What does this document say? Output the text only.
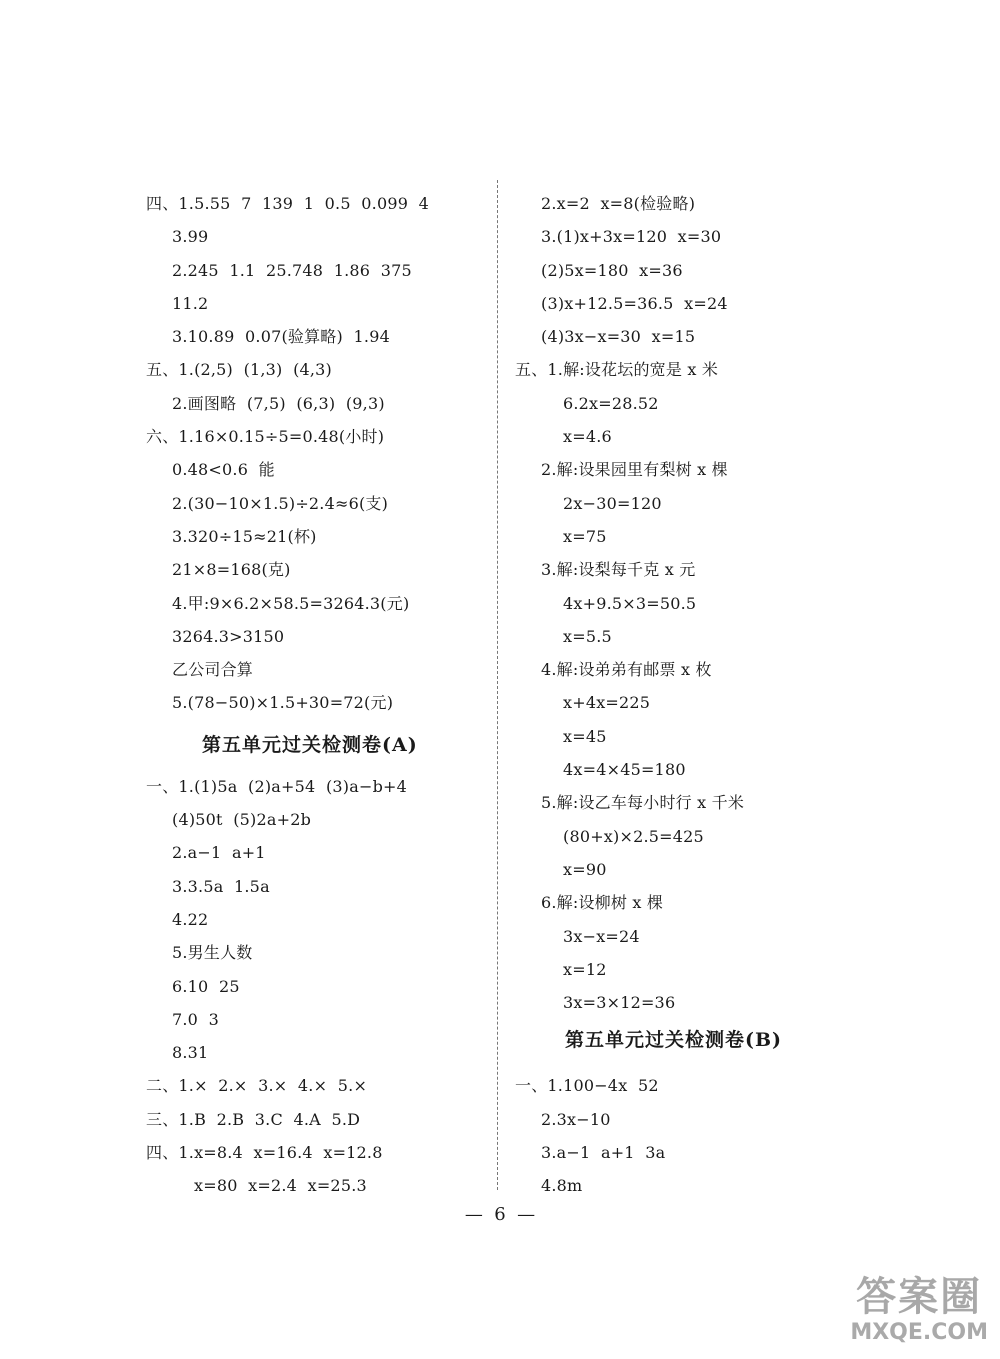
四、1.5.55  7  139  1  0.5  0.099  4
3.99
2.245  1.1  25.748  1.86  375
11.2
3.10.89  0.07(验算略)  1.94
五、1.(2,5)  (1,3)  (4,3)
2.画图略  (7,5)  (6,3)  (9,3)
六、1.16×0.15÷5=0.48(小时)
0.48<0.6  能
2.(30−10×1.5)÷2.4≈6(支)
3.320÷15≈21(杯)
21×8=168(克)
4.甲:9×6.2×58.5=3264.3(元)
3264.3>3150
乙公司合算
5.(78−50)×1.5+30=72(元)
第五单元过关检测卷(A)
一、1.(1)5a  (2)a+54  (3)a−b+4
(4)50t  (5)2a+2b
2.a−1  a+1
3.3.5a  1.5a
4.22
5.男生人数
6.10  25
7.0  3
8.31
二、1.×  2.×  3.×  4.×  5.×
三、1.B  2.B  3.C  4.A  5.D
四、1.x=8.4  x=16.4  x=12.8
x=80  x=2.4  x=25.3
2.x=2  x=8(检验略)
3.(1)x+3x=120  x=30
(2)5x=180  x=36
(3)x+12.5=36.5  x=24
(4)3x−x=30  x=15
五、1.解:设花坛的宽是 x 米
6.2x=28.52
x=4.6
2.解:设果园里有梨树 x 棵
2x−30=120
x=75
3.解:设梨每千克 x 元
4x+9.5×3=50.5
x=5.5
4.解:设弟弟有邮票 x 枚
x+4x=225
x=45
4x=4×45=180
5.解:设乙车每小时行 x 千米
(80+x)×2.5=425
x=90
6.解:设柳树 x 棵
3x−x=24
x=12
3x=3×12=36
第五单元过关检测卷(B)
一、1.100−4x  52
2.3x−10
3.a−1  a+1  3a
4.8m
—  6  —
答案圈
MXQE.COM
